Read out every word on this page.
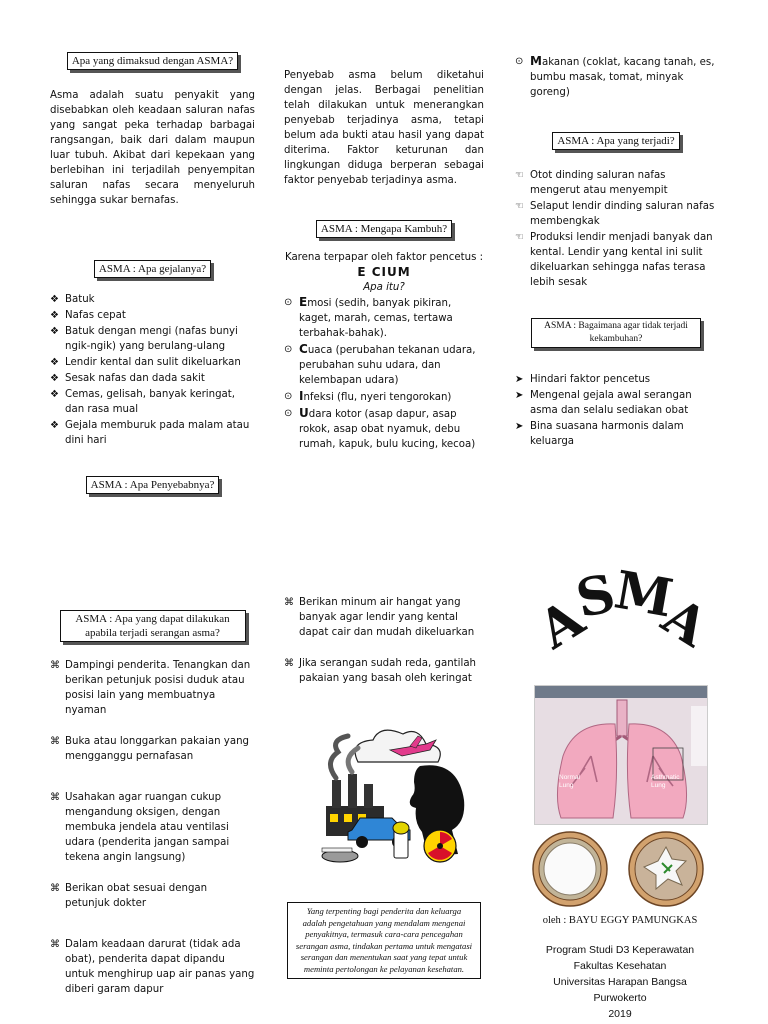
Apa yang dimaksud dengan ASMA?

Asma adalah suatu penyakit yang disebabkan oleh keadaan saluran nafas yang sangat peka terhadap barbagai rangsangan, baik dari dalam maupun luar tubuh. Akibat dari kepekaan yang berlebihan ini terjadilah penyempitan saluran nafas secara menyeluruh sehingga sukar bernafas.

ASMA : Apa gejalanya?
❖ Batuk
❖ Nafas cepat
❖ Batuk dengan mengi (nafas bunyi ngik-ngik) yang berulang-ulang
❖ Lendir kental dan sulit dikeluarkan
❖ Sesak nafas dan dada sakit
❖ Cemas, gelisah, banyak keringat, dan rasa mual
❖ Gejala memburuk pada malam atau dini hari
ASMA : Apa Penyebabnya?

Penyebab asma belum diketahui dengan jelas. Berbagai penelitian telah dilakukan untuk menerangkan penyebab terjadinya asma, tetapi belum ada bukti atau hasil yang dapat diterima. Faktor keturunan dan lingkungan diduga berperan sebagai faktor penyebab terjadinya asma.

ASMA : Mengapa Kambuh?

Karena terpapar oleh faktor pencetus :

E CIUM

Apa itu?

⊙ Emosi (sedih, banyak pikiran, kaget, marah, cemas, tertawa terbahak-bahak).
⊙ Cuaca (perubahan tekanan udara, perubahan suhu udara, dan kelembapan udara)
⊙ Infeksi (flu, nyeri tengorokan)
⊙ Udara kotor (asap dapur, asap rokok, asap obat nyamuk, debu rumah, kapuk, bulu kucing, kecoa)
⊙ Makanan (coklat, kacang tanah, es, bumbu masak, tomat, minyak goreng)
ASMA : Apa yang terjadi?
☜ Otot dinding saluran nafas mengerut atau menyempit
☜ Selaput lendir dinding saluran nafas membengkak
☜ Produksi lendir menjadi banyak dan kental. Lendir yang kental ini sulit dikeluarkan sehingga nafas terasa lebih sesak
ASMA : Bagaimana agar tidak terjadi kekambuhan?
➤ Hindari faktor pencetus
➤ Mengenal gejala awal serangan asma dan selalu sediakan obat
➤ Bina suasana harmonis dalam keluarga
ASMA : Apa yang dapat dilakukan apabila terjadi serangan asma?
⌘ Dampingi penderita. Tenangkan dan berikan petunjuk posisi duduk atau posisi lain yang membuatnya nyaman
⌘ Buka atau longgarkan pakaian yang mengganggu pernafasan
⌘ Usahakan agar ruangan cukup mengandung oksigen, dengan membuka jendela atau ventilasi udara (penderita jangan sampai tekena angin langsung)
⌘ Berikan obat sesuai dengan petunjuk dokter
⌘ Dalam keadaan darurat (tidak ada obat), penderita dapat dipandu untuk menghirup uap air panas yang diberi garam dapur
⌘ Berikan minum air hangat yang banyak agar lendir yang kental dapat cair dan mudah dikeluarkan
⌘ Jika serangan sudah reda, gantilah pakaian yang basah oleh keringat
Yang terpenting bagi penderita dan keluarga adalah pengetahuan yang mendalam mengenai penyakitnya, termasuk cara-cara pencegahan serangan asma, tindakan pertama untuk mengatasi serangan dan menentukan saat yang tepat untuk meminta pertolongan ke pelayanan kesehatan.
A
S
M
A
Normal Lung
Asthmatic Lung
oleh : BAYU EGGY PAMUNGKAS
Program Studi D3 Keperawatan
Fakultas Kesehatan
Universitas Harapan Bangsa
Purwokerto
2019
